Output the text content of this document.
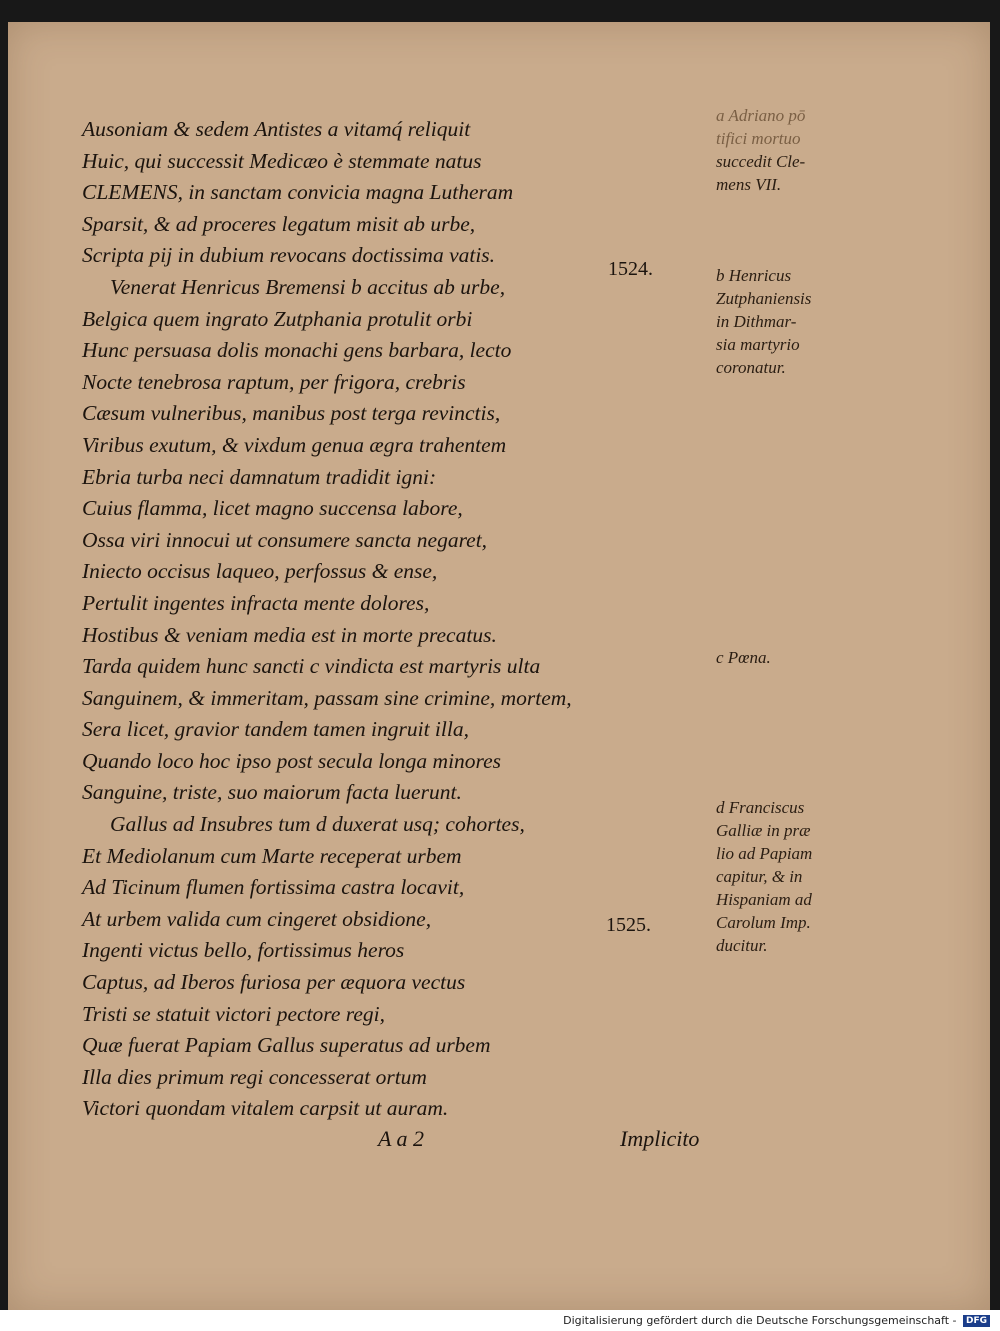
Ausoniam & sedem Antistes a vitamq́ reliquit
Huic, qui successit Medicæo è stemmate natus
CLEMENS, in sanctam convicia magna Lutheram
Sparsit, & ad proceres legatum misit ab urbe,
Scripta pij in dubium revocans doctissima vatis.
Venerat Henricus Bremensi b accitus ab urbe,
Belgica quem ingrato Zutphania protulit orbi
Hunc persuasa dolis monachi gens barbara, lecto
Nocte tenebrosa raptum, per frigora, crebris
Cæsum vulneribus, manibus post terga revinctis,
Viribus exutum, & vixdum genua ægra trahentem
Ebria turba neci damnatum tradidit igni:
Cuius flamma, licet magno succensa labore,
Ossa viri innocui ut consumere sancta negaret,
Iniecto occisus laqueo, perfossus & ense,
Pertulit ingentes infracta mente dolores,
Hostibus & veniam media est in morte precatus.
Tarda quidem hunc sancti c vindicta est martyris ulta
Sanguinem, & immeritam, passam sine crimine, mortem,
Sera licet, gravior tandem tamen ingruit illa,
Quando loco hoc ipso post secula longa minores
Sanguine, triste, suo maiorum facta luerunt.
Gallus ad Insubres tum d duxerat usq; cohortes,
Et Mediolanum cum Marte receperat urbem
Ad Ticinum flumen fortissima castra locavit,
At urbem valida cum cingeret obsidione,
Ingenti victus bello, fortissimus heros
Captus, ad Iberos furiosa per æquora vectus
Tristi se statuit victori pectore regi,
Quæ fuerat Papiam Gallus superatus ad urbem
Illa dies primum regi concesserat ortum
Victori quondam vitalem carpsit ut auram.
1524.
1525.
a Adriano pō
tifici mortuo
succedit Cle-
mens VII.
b Henricus
Zutphaniensis
in Dithmar-
sia martyrio
coronatur.
c Pœna.
d Franciscus
Galliæ in præ
lio ad Papiam
capitur, & in
Hispaniam ad
Carolum Imp.
ducitur.
A a 2	Implicito
Digitalisierung gefördert durch die Deutsche Forschungsgemeinschaft - DFG
